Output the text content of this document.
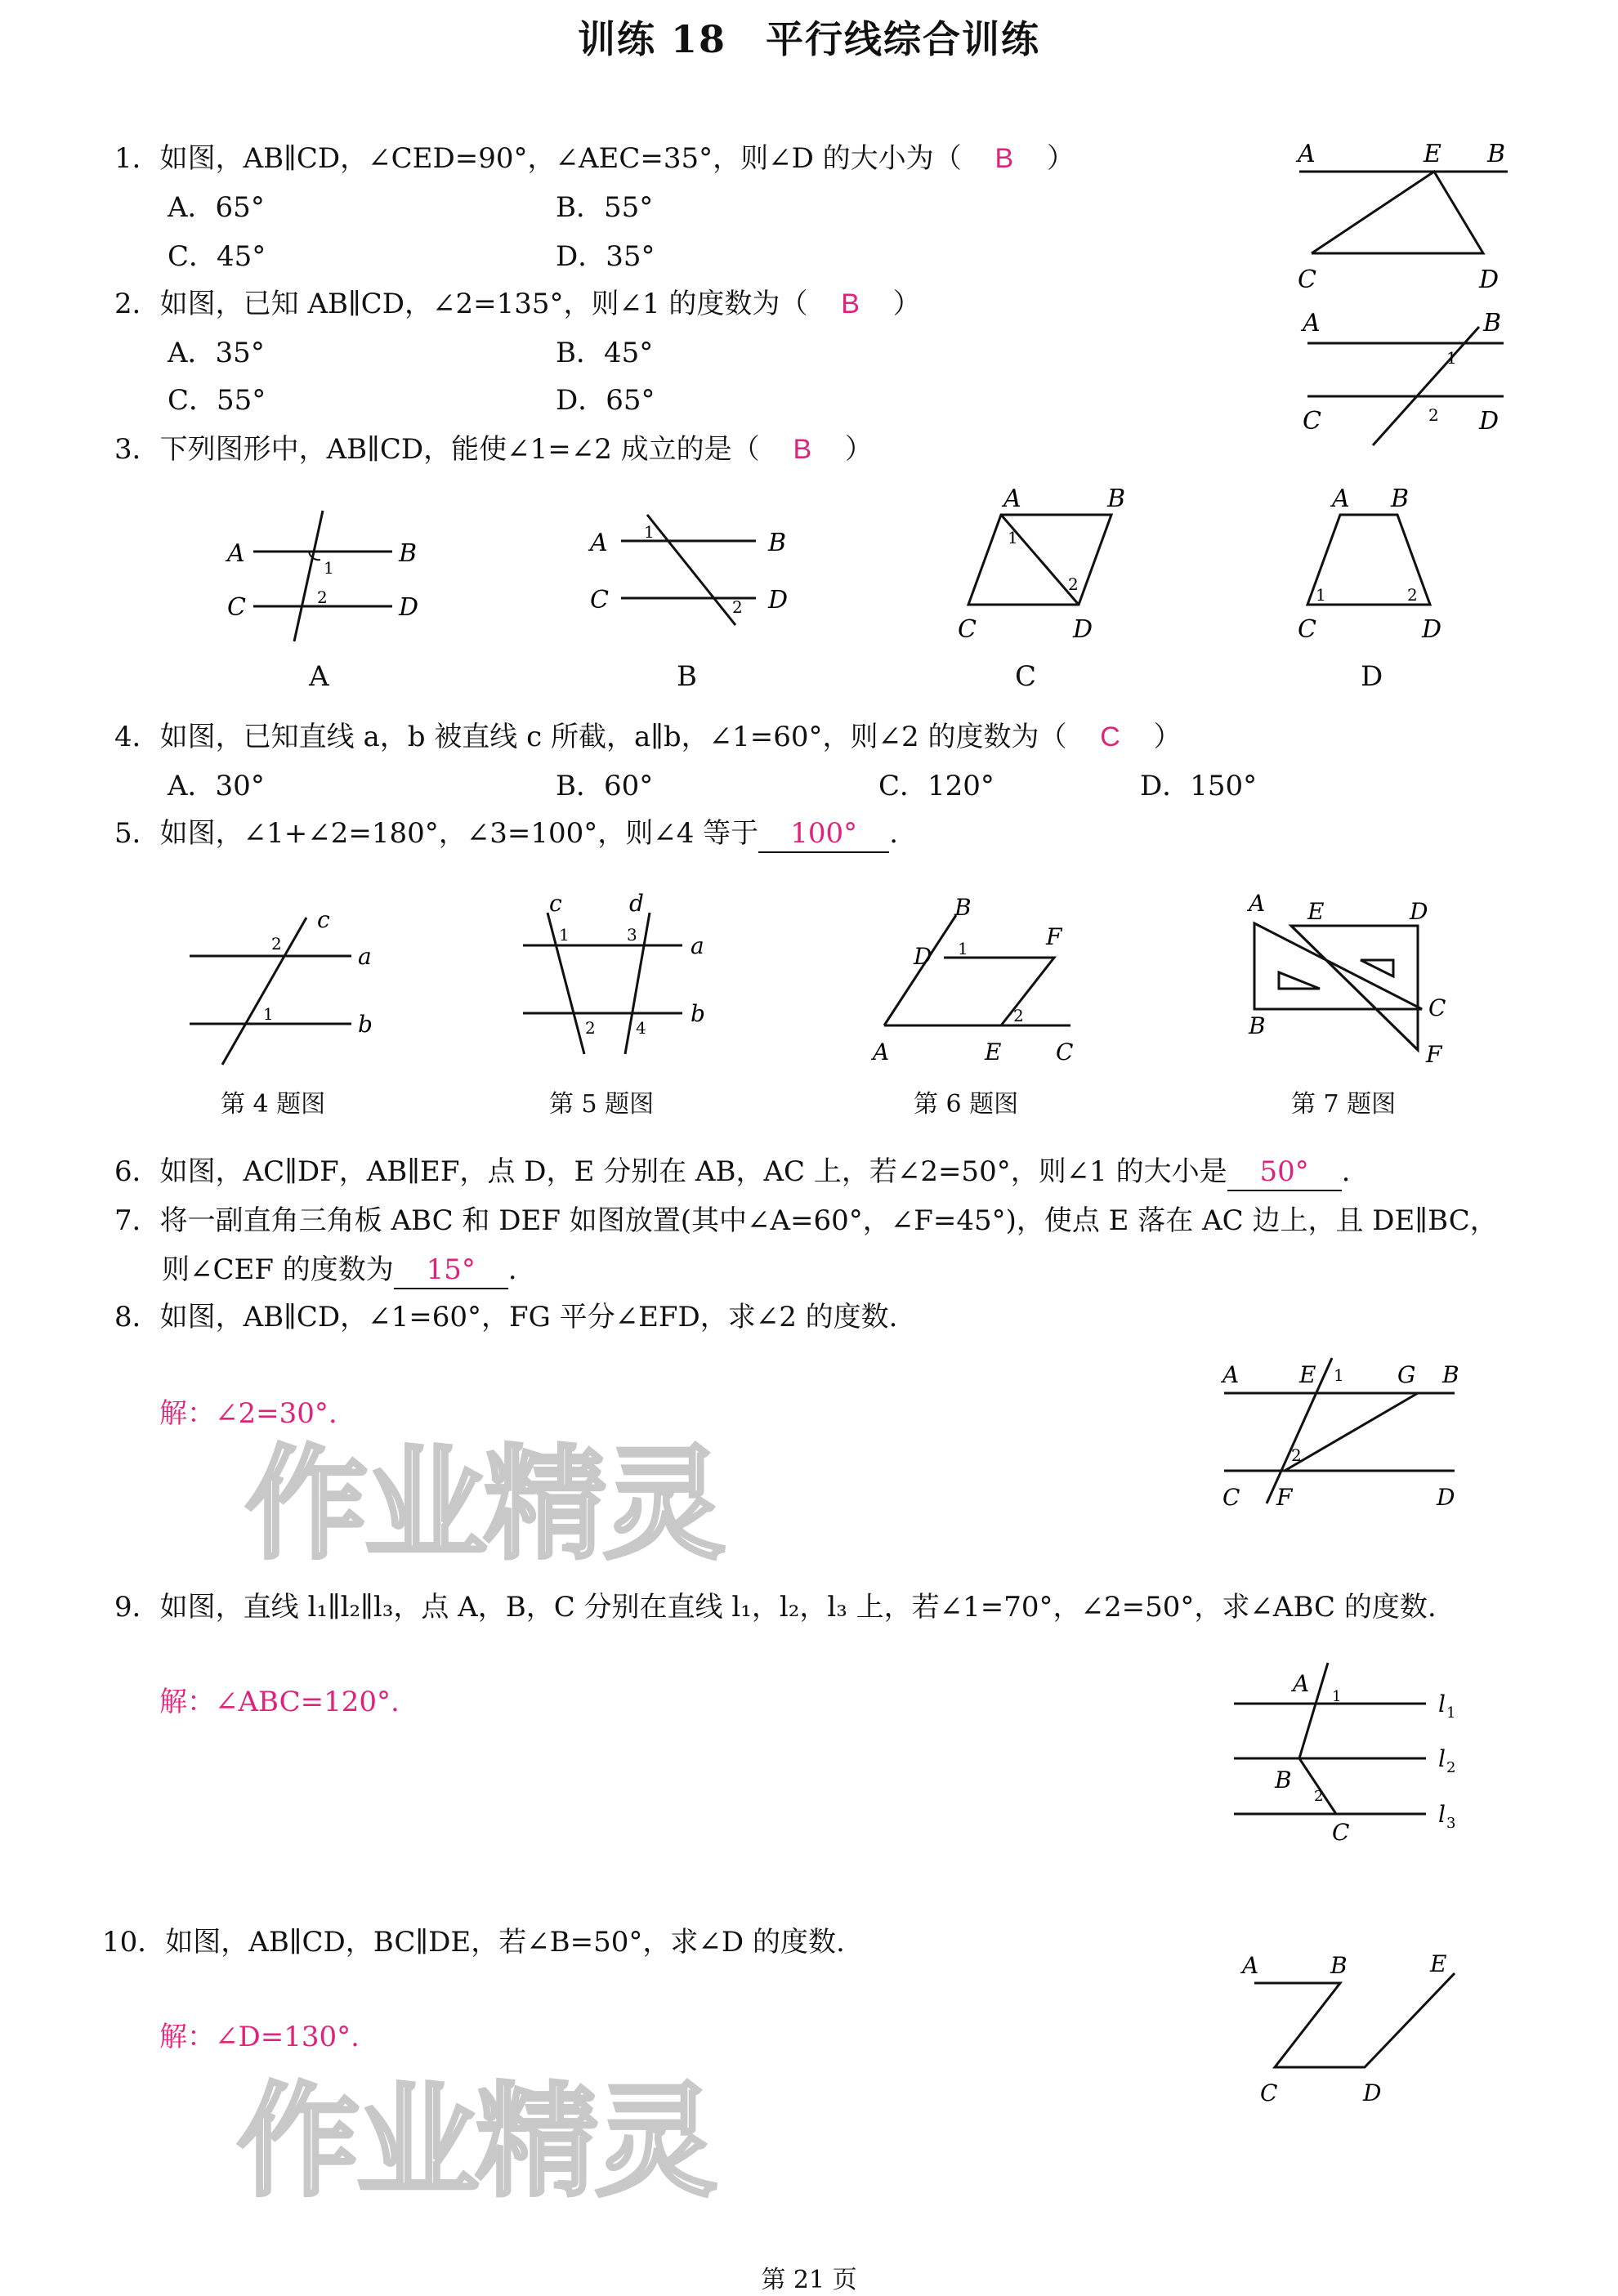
训练 18　平行线综合训练
1．如图，AB∥CD，∠CED=90°，∠AEC=35°，则∠D 的大小为（ B ）
A．65°	B．55°
C．45°	D．35°
2．如图，已知 AB∥CD，∠2=135°，则∠1 的度数为（ B ）
A．35°	B．45°
C．55°	D．65°
3．下列图形中，AB∥CD，能使∠1=∠2 成立的是（ B ）
A	B
C	D
1
2
A
A	B
C	D
1
2
B
A	B
C	D
1
2
C
A B
C	D
1	2
D
A	E B
C	D
A	B
C	D
1
2
4．如图，已知直线 a，b 被直线 c 所截，a∥b，∠1=60°，则∠2 的度数为（ C ）
A．30°	B．60°	C．120°	D．150°
5．如图，∠1+∠2=180°，∠3=100°，则∠4 等于 100° .
c
a
b
2
1
第 4 题图
c	d
a
b
1	3
2 4
第 5 题图
B
F
D
A	E C
1
2
第 6 题图
A E	D
C
B
F
第 7 题图
6．如图，AC∥DF，AB∥EF，点 D，E 分别在 AB，AC 上，若∠2=50°，则∠1 的大小是 50° .
7．将一副直角三角板 ABC 和 DEF 如图放置(其中∠A=60°，∠F=45°)，使点 E 落在 AC 边上，且 DE∥BC，
则∠CEF 的度数为 15° .
8．如图，AB∥CD，∠1=60°，FG 平分∠EFD，求∠2 的度数.
解：∠2=30°.
A	E	G B
C F	D
1
2
作业精灵
9．如图，直线 l₁∥l₂∥l₃，点 A，B，C 分别在直线 l₁，l₂，l₃ 上，若∠1=70°，∠2=50°，求∠ABC 的度数.
解：∠ABC=120°.
A
B
C
l 1
l 2
l 3
1
2
10．如图，AB∥CD，BC∥DE，若∠B=50°，求∠D 的度数.
解：∠D=130°.
A	B	E
C	D
作业精灵
第 21 页
